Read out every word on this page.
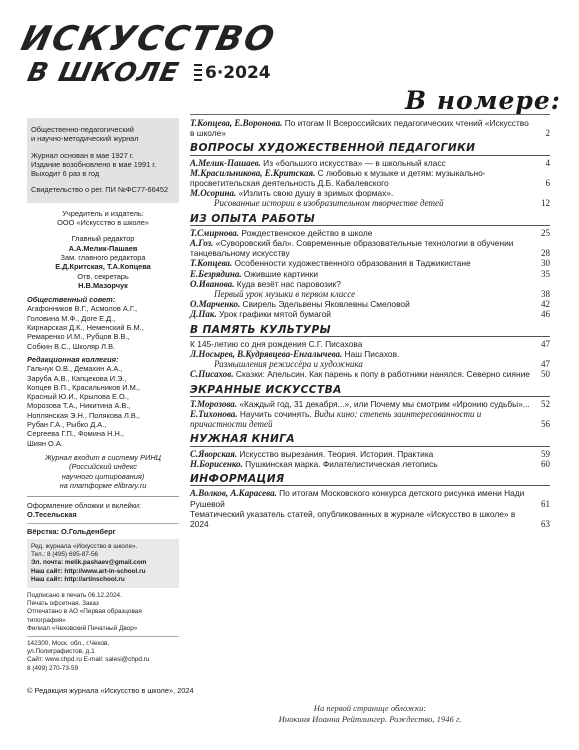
ИСКУССТВО
В ШКОЛЕ 6·2024
В номере:

Общественно-педагогический

и научно-методический журнал

Журнал основан в мае 1927 г.

Издание возобновлено в мае 1991 г.

Выходит 6 раз в год

Свидетельство о рег. ПИ №ФС77-66452

Учредитель и издатель:
ООО «Искусство в школе»
Главный редактор
А.А.Мелик-Пашаев
Зам. главного редактора
Е.Д.Критская, Т.А.Копцева
Отв. секретарь
Н.В.Мазорчук
Общественный совет:
Агафонников В.Г., Асмолов А.Г.,
Головина М.Ф., Доге Е.Д.,
Кирнарская Д.К., Неменский Б.М.,
Ремаренко И.М., Рубцов В.В.,
Собкин В.С., Школяр Л.В.
Редакционная коллегия:
Гальчук О.В., Демахин А.А.,
Заруба А.В., Капцекова И.Э.,
Копцев В.П., Красильников И.М.,
Красный Ю.И., Крылова Е.О.,
Морозова Т.А., Никитина А.В.,
Ноплянская Э.Н., Полякова Л.В.,
Рубан Г.А., Рыбко Д.А.,
Сергеева Г.П., Фомина Н.Н.,
Шиян О.А.
Журнал входит в систему РИНЦ
(Российский индекс
научного цитирования)
на платформе elibrary.ru
Оформление обложки и вклейки:
О.Тесельская
Вёрстка: О.Гольденберг
Ред. журнала «Искусство в школе».
Тел.: 8 (495) 695-87-56
Эл. почта: melik.pashaev@gmail.com
Наш сайт: http://www.art-in-school.ru
Наш сайт: http://artinschool.ru
Подписано в печать 06.12.2024.
Печать офсетная. Заказ
Отпечатано в АО «Первая образцовая типография»
Филиал «Чеховский Печатный Двор»
142300, Моск. обл., г.Чехов,
ул.Полиграфистов, д.1
Сайт: www.chpd.ru E-mail: salesi@chpd.ru
8 (499) 270-73-59
© Редакция журнала «Искусство в школе», 2024
Т.Копцева, Е.Воронова. По итогам II Всероссийских педагогических чтений «Искусство в школе»	2
ВОПРОСЫ ХУДОЖЕСТВЕННОЙ ПЕДАГОГИКИ
А.Мелик-Пашаев. Из «большого искусства» — в школьный класс	4
М.Красильникова, Е.Критская. С любовью к музыке и детям: музыкально-просветительская деятельность Д.Б. Кабалевского	6
М.Осорина. «Излить свою душу в зримых формах».
Рисованные истории в изобразительном творчестве детей	12
ИЗ ОПЫТА РАБОТЫ
Т.Смирнова. Рождественское действо в школе	25
А.Гоз. «Суворовский бал». Современные образовательные технологии в обучении танцевальному искусству	28
Т.Копцева. Особенности художественного образования в Таджикистане	30
Е.Безрядина. Ожившие картинки	35
О.Иванова. Куда везёт нас паровозик?
Первый урок музыки в первом классе	38
О.Марченко. Свирель Эдельвены Яковлевны Смеловой	42
Д.Пак. Урок графики мятой бумагой	46
В ПАМЯТЬ КУЛЬТУРЫ
К 145-летию со дня рождения С.Г. Писахова	47
Л.Носырев, В.Кудрявцева-Енгалычева. Наш Писахов.
Размышления режиссёра и художника	47
С.Писахов. Сказки: Апельсин. Как парень к попу в работники нанялся. Северно сияние 50
ЭКРАННЫЕ ИСКУССТВА
Т.Морозова. «Каждый год, 31 декабря...», или Почему мы смотрим «Иронию судьбы»... 52
Е.Тихонова. Научить сочинять. Виды кино: степень заинтересованности и причастности детей	56
НУЖНАЯ КНИГА
С.Яворская. Искусство вырезания. Теория. История. Практика	59
Н.Борисенко. Пушкинская марка. Филателистическая летопись	60
ИНФОРМАЦИЯ
А.Волков, А.Карасева. По итогам Московского конкурса детского рисунка имени Нади Рушевой	61
Тематический указатель статей, опубликованных в журнале «Искусство в школе» в 2024	63
На первой странице обложки:
Инокиня Иоанна Рейтлингер. Рождество, 1946 г.
